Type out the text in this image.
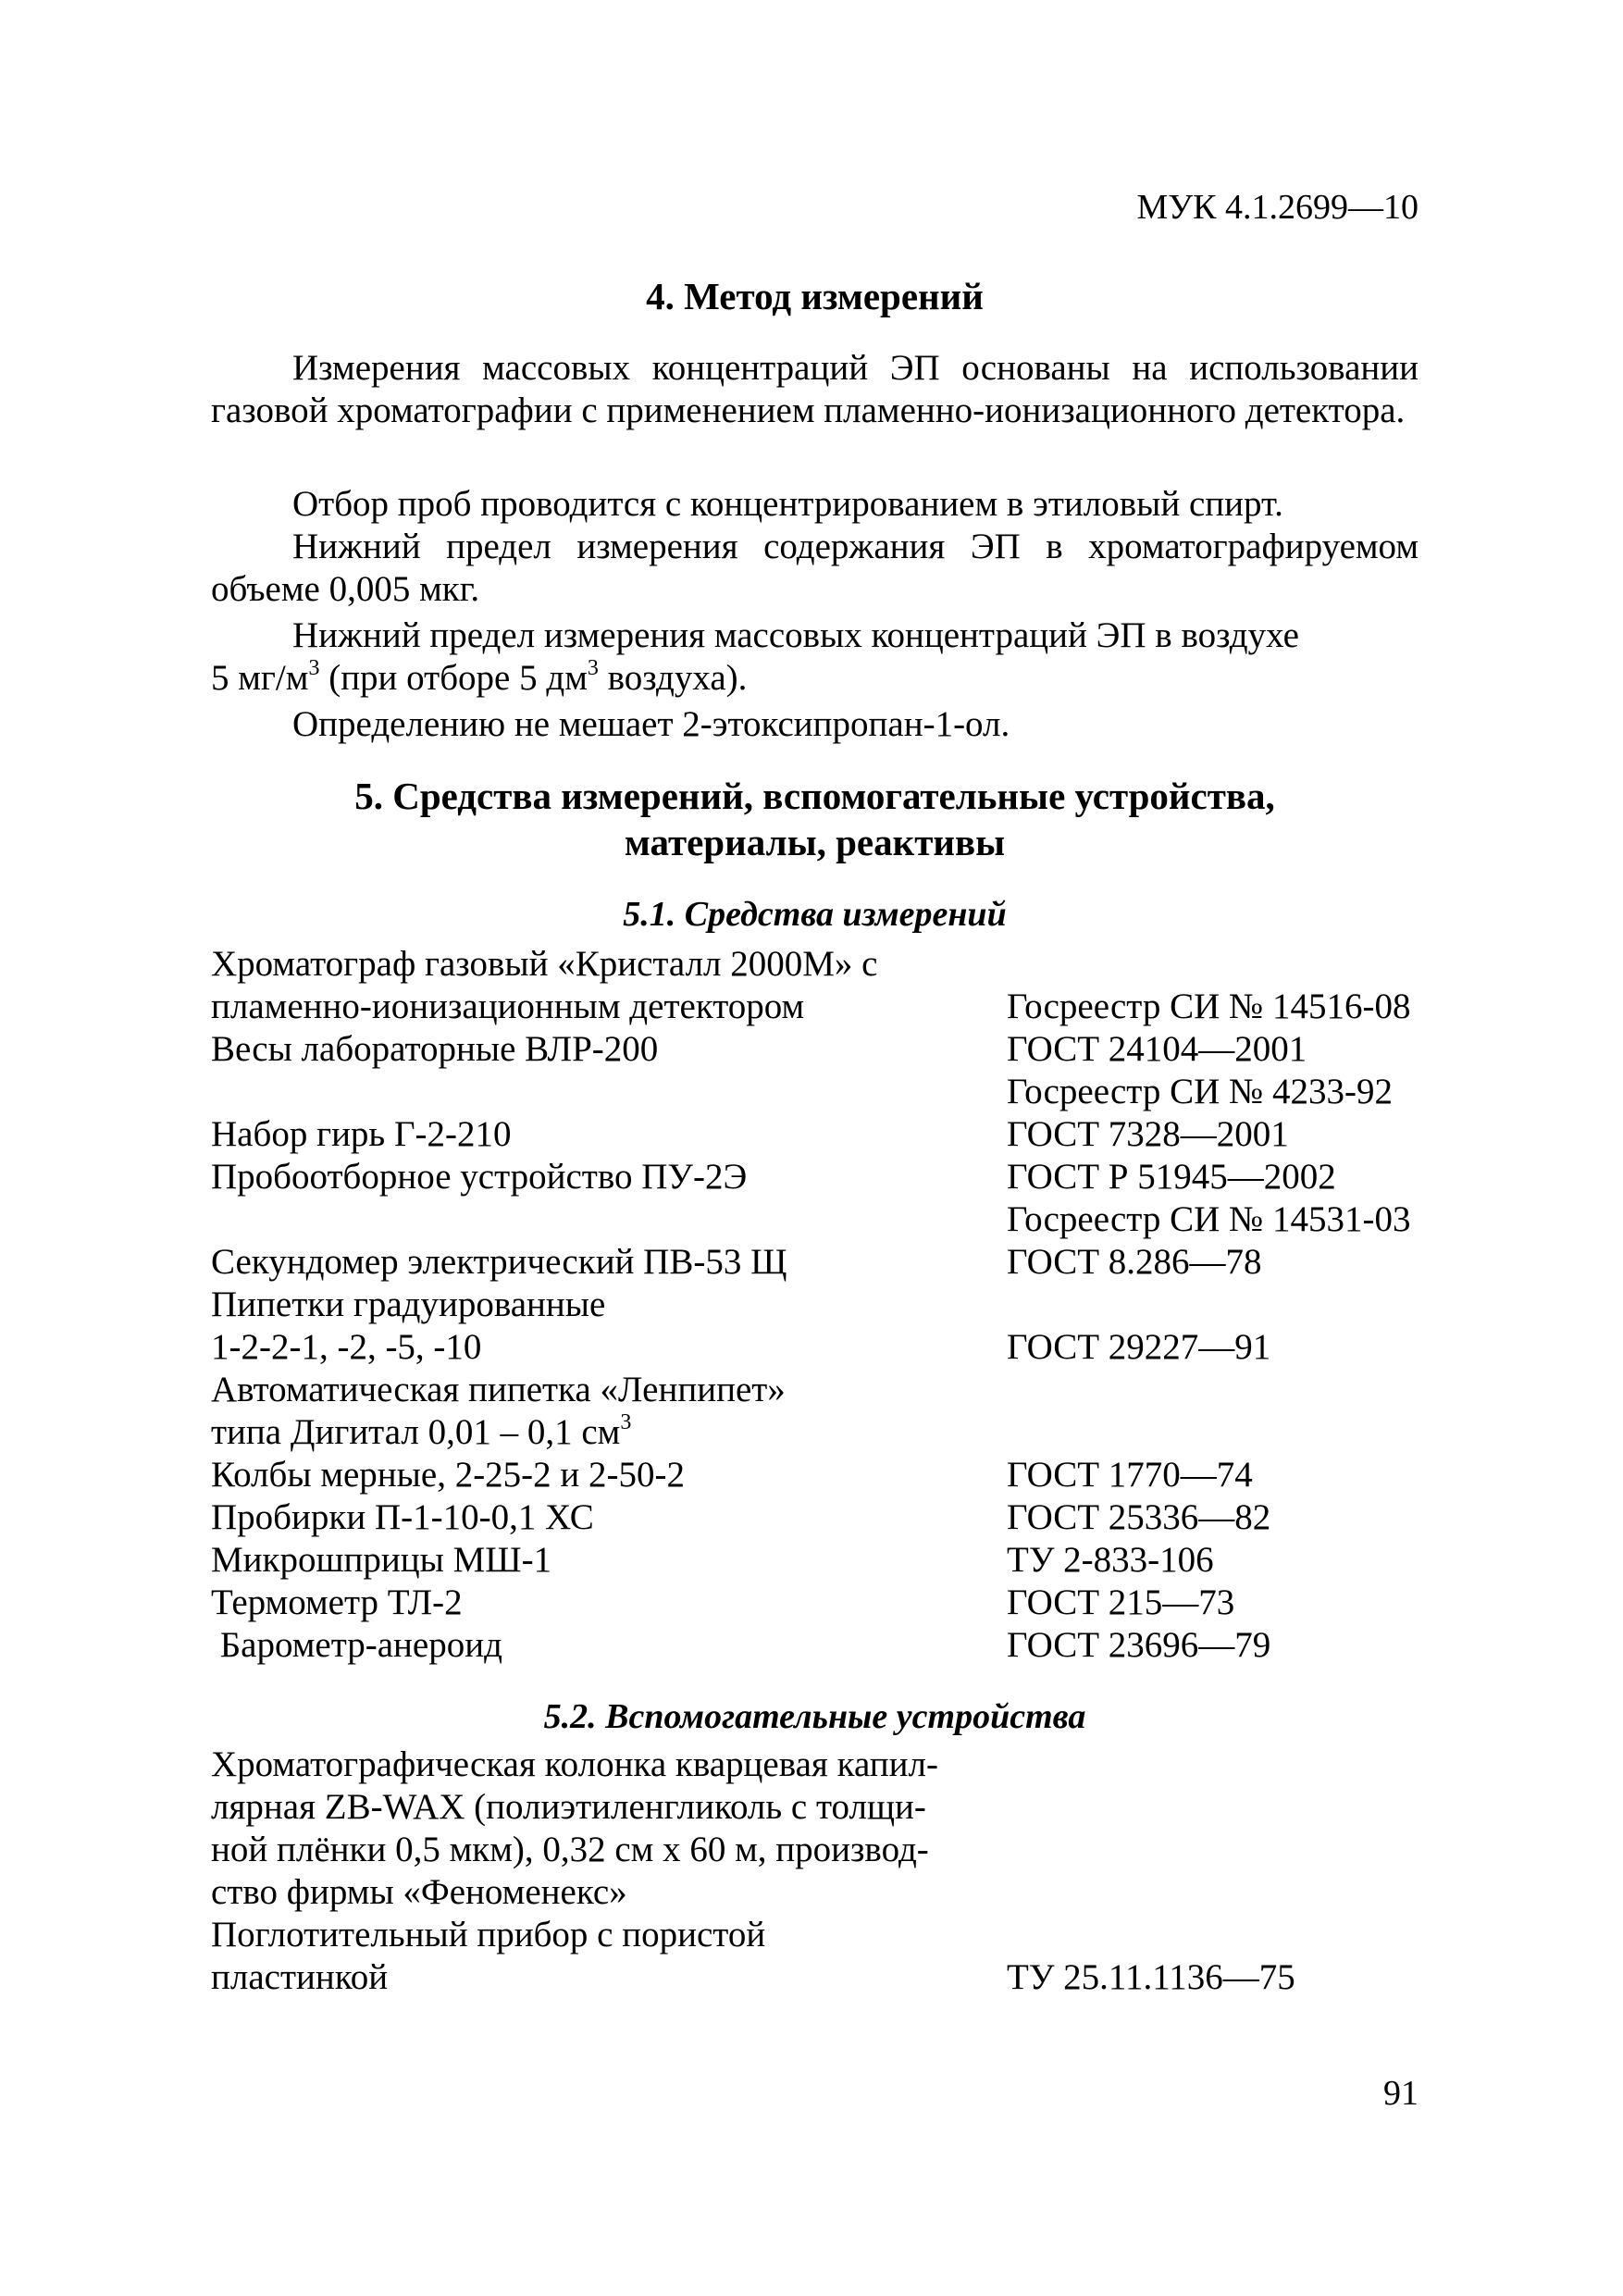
МУК 4.1.2699—10
4. Метод измерений
Измерения массовых концентраций ЭП основаны на использовании газовой хроматографии с применением пламенно-ионизационного детектора.
Отбор проб проводится с концентрированием в этиловый спирт.
Нижний предел измерения содержания ЭП в хроматографируемом объеме 0,005 мкг.
Нижний предел измерения массовых концентраций ЭП в воздухе
5 $мг/м^3$ (при отборе 5 $дм^3$ воздуха).
Определению не мешает 2-этоксипропан-1-ол.
5. Средства измерений, вспомогательные устройства,
материалы, реактивы
5.1. Средства измерений
Хроматограф газовый «Кристалл 2000М» с
пламенно-ионизационным детектором	Госреестр СИ № 14516-08
Весы лабораторные ВЛР-200	ГОСТ 24104—2001
Госреестр СИ № 4233-92
Набор гирь Г-2-210	ГОСТ 7328—2001
Пробоотборное устройство ПУ-2Э	ГОСТ Р 51945—2002
Госреестр СИ № 14531-03
Секундомер электрический ПВ-53 Щ	ГОСТ 8.286—78
Пипетки градуированные
1-2-2-1, -2, -5, -10	ГОСТ 29227—91
Автоматическая пипетка «Ленпипет»
типа Дигитал 0,01 – 0,1 $см^3$
Колбы мерные, 2-25-2 и 2-50-2	ГОСТ 1770—74
Пробирки П-1-10-0,1 ХС	ГОСТ 25336—82
Микрошприцы МШ-1	ТУ 2-833-106
Термометр ТЛ-2	ГОСТ 215—73
Барометр-анероид	ГОСТ 23696—79
5.2. Вспомогательные устройства
Хроматографическая колонка кварцевая капил-
лярная ZB-WAX (полиэтиленгликоль с толщи-
ной плёнки 0,5 мкм), 0,32 см х 60 м, производ-
ство фирмы «Феноменекс»
Поглотительный прибор с пористой
пластинкой	ТУ 25.11.1136—75
91
